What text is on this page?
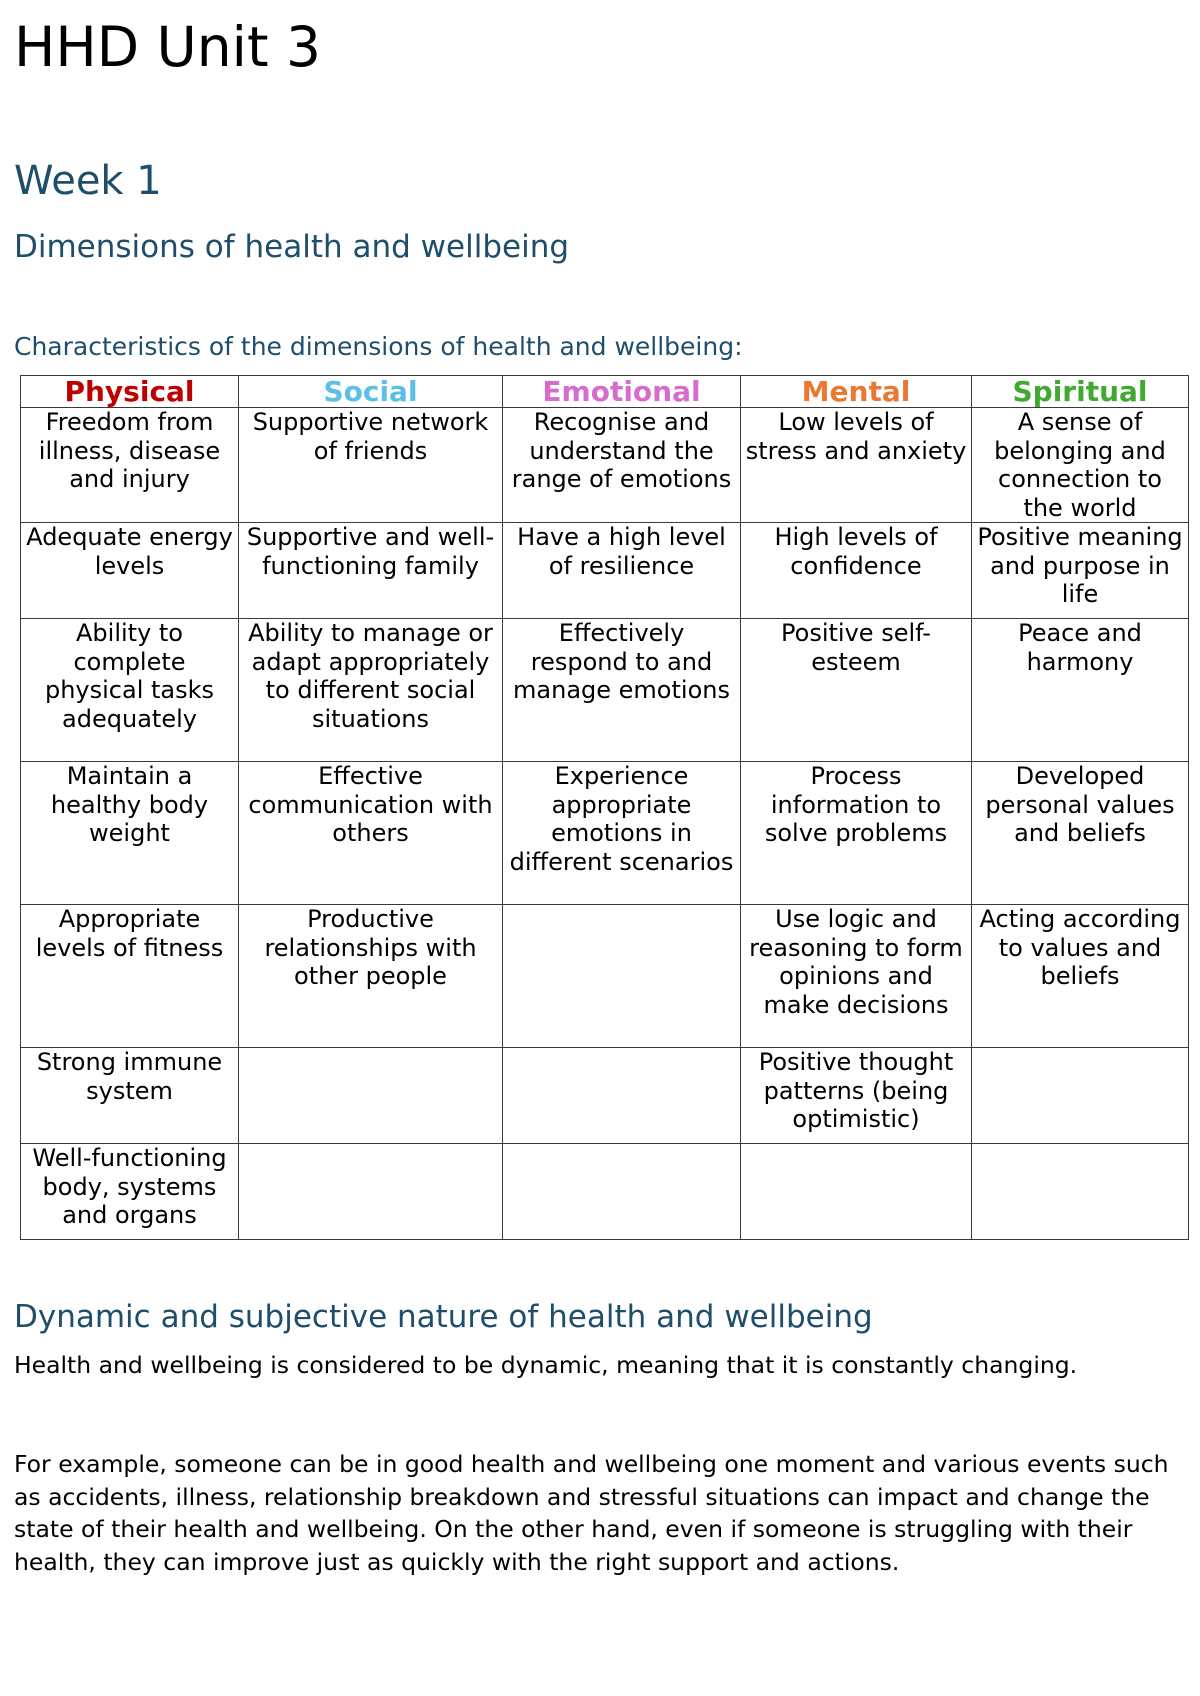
HHD Unit 3
Week 1
Dimensions of health and wellbeing
Characteristics of the dimensions of health and wellbeing:
Physical	Social	Emotional	Mental	Spiritual
Freedom from illness, disease and injury	Supportive network of friends	Recognise and understand the range of emotions	Low levels of stress and anxiety	A sense of belonging and connection to the world
Adequate energy levels	Supportive and well-functioning family	Have a high level of resilience	High levels of confidence	Positive meaning and purpose in life
Ability to complete physical tasks adequately	Ability to manage or adapt appropriately to different social situations	Effectively respond to and manage emotions	Positive self-esteem	Peace and harmony
Maintain a healthy body weight	Effective communication with others	Experience appropriate emotions in different scenarios	Process information to solve problems	Developed personal values and beliefs
Appropriate levels of fitness	Productive relationships with other people		Use logic and reasoning to form opinions and make decisions	Acting according to values and beliefs
Strong immune system			Positive thought patterns (being optimistic)	
Well-functioning body, systems and organs				
Dynamic and subjective nature of health and wellbeing

Health and wellbeing is considered to be dynamic, meaning that it is constantly changing.

For example, someone can be in good health and wellbeing one moment and various events such as accidents, illness, relationship breakdown and stressful situations can impact and change the state of their health and wellbeing. On the other hand, even if someone is struggling with their health, they can improve just as quickly with the right support and actions.
